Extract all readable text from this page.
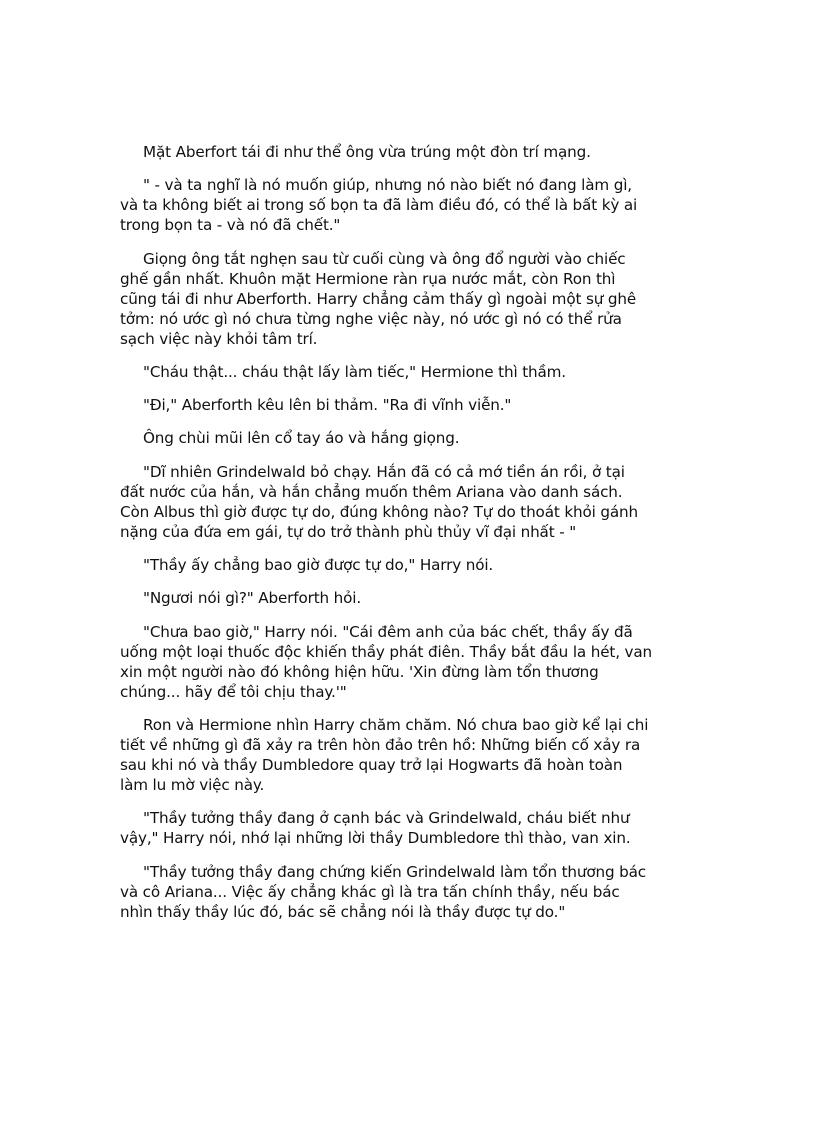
Mặt Aberfort tái đi như thể ông vừa trúng một đòn trí mạng.

" - và ta nghĩ là nó muốn giúp, nhưng nó nào biết nó đang làm gì,
và ta không biết ai trong số bọn ta đã làm điều đó, có thể là bất kỳ ai
trong bọn ta - và nó đã chết."

Giọng ông tắt nghẹn sau từ cuối cùng và ông đổ người vào chiếc
ghế gần nhất. Khuôn mặt Hermione ràn rụa nước mắt, còn Ron thì
cũng tái đi như Aberforth. Harry chẳng cảm thấy gì ngoài một sự ghê
tởm: nó ước gì nó chưa từng nghe việc này, nó ước gì nó có thể rửa
sạch việc này khỏi tâm trí.

"Cháu thật... cháu thật lấy làm tiếc," Hermione thì thầm.

"Đi," Aberforth kêu lên bi thảm. "Ra đi vĩnh viễn."

Ông chùi mũi lên cổ tay áo và hắng giọng.

"Dĩ nhiên Grindelwald bỏ chạy. Hắn đã có cả mớ tiền án rồi, ở tại
đất nước của hắn, và hắn chẳng muốn thêm Ariana vào danh sách.
Còn Albus thì giờ được tự do, đúng không nào? Tự do thoát khỏi gánh
nặng của đứa em gái, tự do trở thành phù thủy vĩ đại nhất - "

"Thầy ấy chẳng bao giờ được tự do," Harry nói.

"Ngươi nói gì?" Aberforth hỏi.

"Chưa bao giờ," Harry nói. "Cái đêm anh của bác chết, thầy ấy đã
uống một loại thuốc độc khiến thầy phát điên. Thầy bắt đầu la hét, van
xin một người nào đó không hiện hữu. 'Xin đừng làm tổn thương
chúng... hãy để tôi chịu thay.'"

Ron và Hermione nhìn Harry chăm chăm. Nó chưa bao giờ kể lại chi
tiết về những gì đã xảy ra trên hòn đảo trên hồ: Những biến cố xảy ra
sau khi nó và thầy Dumbledore quay trở lại Hogwarts đã hoàn toàn
làm lu mờ việc này.

"Thầy tưởng thầy đang ở cạnh bác và Grindelwald, cháu biết như
vậy," Harry nói, nhớ lại những lời thầy Dumbledore thì thào, van xin.

"Thầy tưởng thầy đang chứng kiến Grindelwald làm tổn thương bác
và cô Ariana... Việc ấy chẳng khác gì là tra tấn chính thầy, nếu bác
nhìn thấy thầy lúc đó, bác sẽ chẳng nói là thầy được tự do."
